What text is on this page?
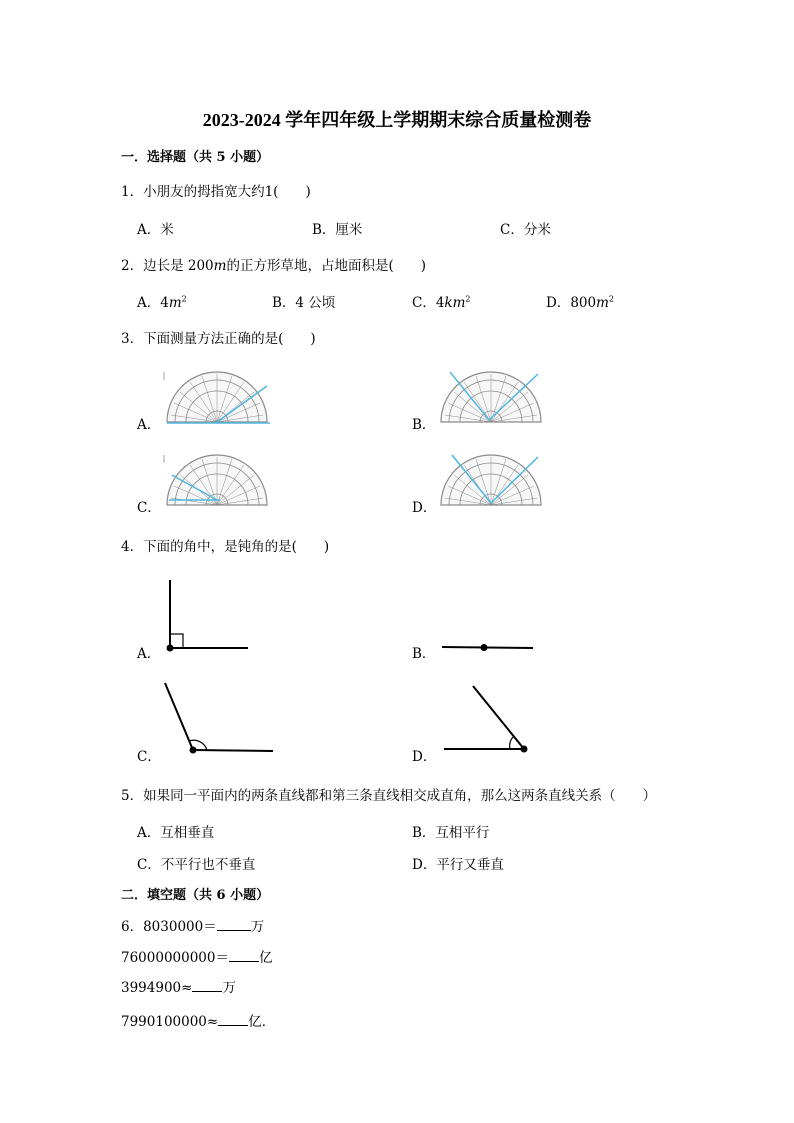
2023-2024 学年四年级上学期期末综合质量检测卷
一．选择题（共 5 小题）
1．小朋友的拇指宽大约1(　　)
A．米	B．厘米	C．分米
2．边长是 200m的正方形草地，占地面积是(　　)
A．$4m^2$	B．4 公顷	C．$4km^2$	D．$800m^2$
3．下面测量方法正确的是(　　)
A．	B．
C．	D．
4．下面的角中，是钝角的是(　　)
A．	B．
C．	D．
5．如果同一平面内的两条直线都和第三条直线相交成直角，那么这两条直线关系（　　）
A．互相垂直	B．互相平行
C．不平行也不垂直	D．平行又垂直
二．填空题（共 6 小题）
6．8030000＝	万
76000000000＝ 亿
3994900≈ 万
7990100000≈ 亿．
